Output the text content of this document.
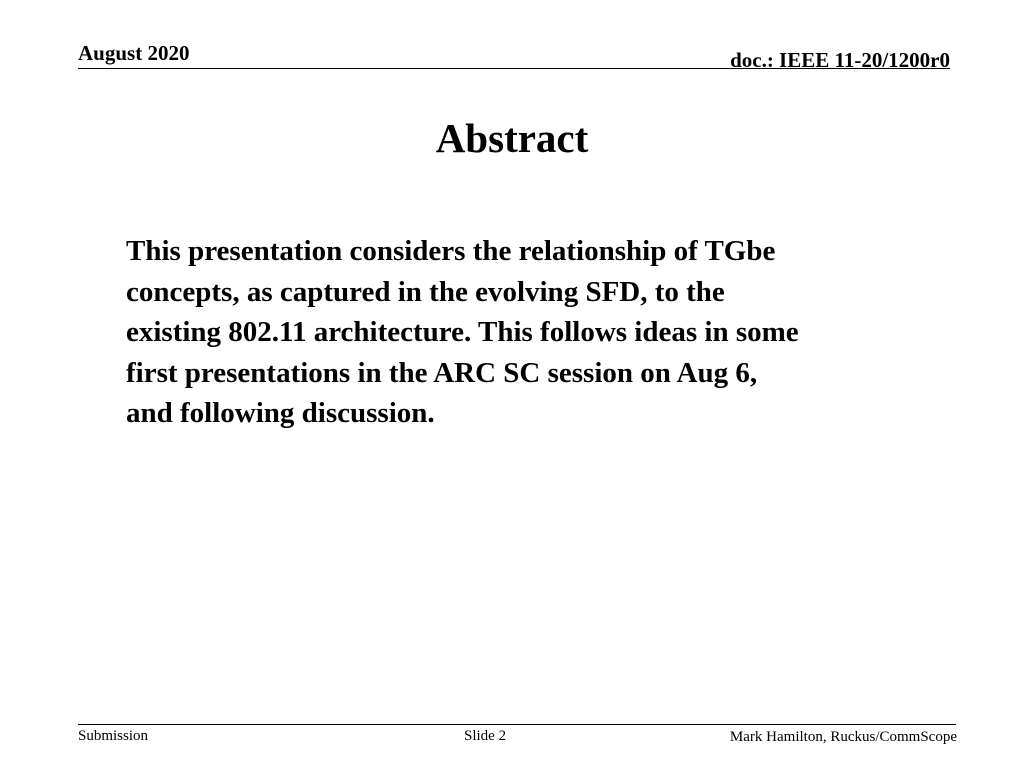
August 2020	doc.: IEEE 11-20/1200r0
Abstract

This presentation considers the relationship of TGbe
concepts, as captured in the evolving SFD, to the
existing 802.11 architecture. This follows ideas in some
first presentations in the ARC SC session on Aug 6,
and following discussion.

Submission	Slide 2	Mark Hamilton, Ruckus/CommScope
